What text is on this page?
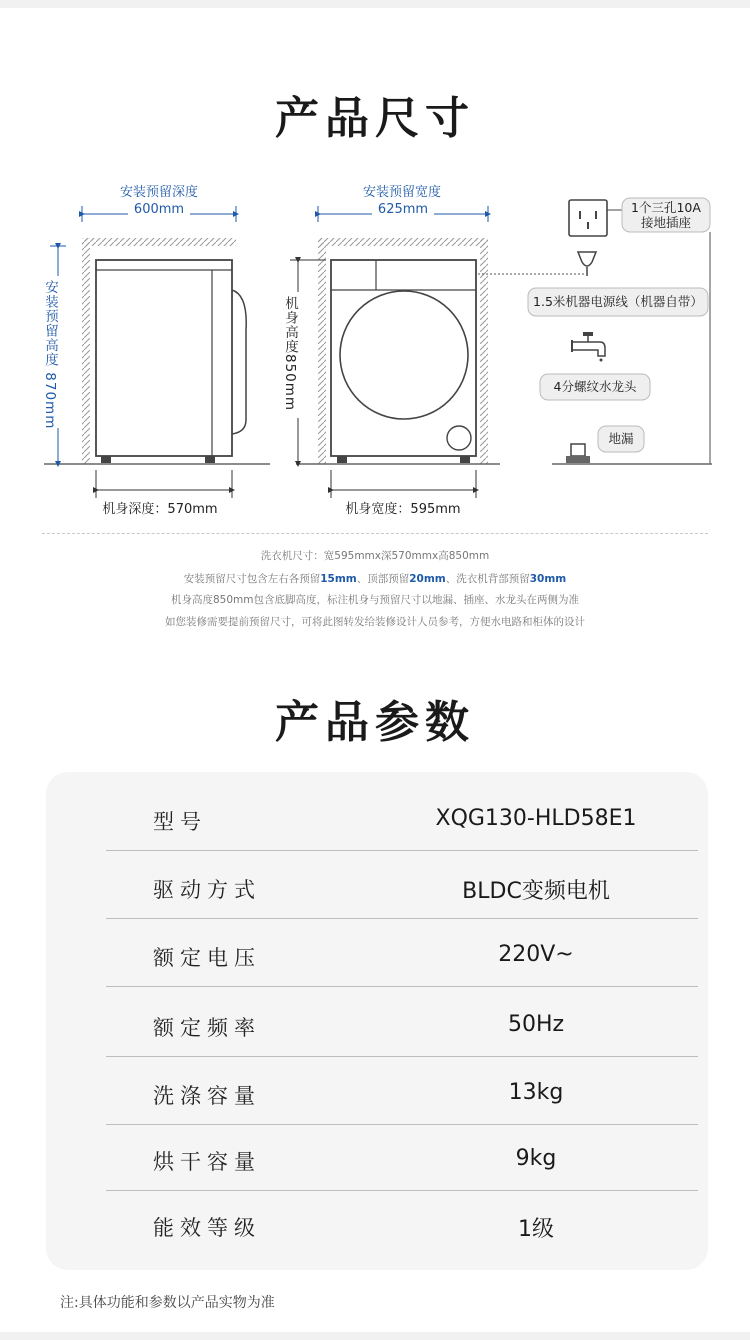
产品尺寸
安装预留深度
600mm
安装预留高度 870mm
机身深度：570mm
安装预留宽度
625mm
机身高度850mm
机身宽度：595mm
1个三孔10A
接地插座
1.5米机器电源线（机器自带）
4分螺纹水龙头
地漏
洗衣机尺寸：宽595mmx深570mmx高850mm
安装预留尺寸包含左右各预留15mm、顶部预留20mm、洗衣机背部预留30mm
机身高度850mm包含底脚高度，标注机身与预留尺寸以地漏、插座、水龙头在两侧为准
如您装修需要提前预留尺寸，可将此图转发给装修设计人员参考，方便水电路和柜体的设计
产品参数
型号	XQG130-HLD58E1
驱动方式	BLDC变频电机
额定电压	220V~
额定频率	50Hz
洗涤容量	13kg
烘干容量	9kg
能效等级	1级
注:具体功能和参数以产品实物为准
